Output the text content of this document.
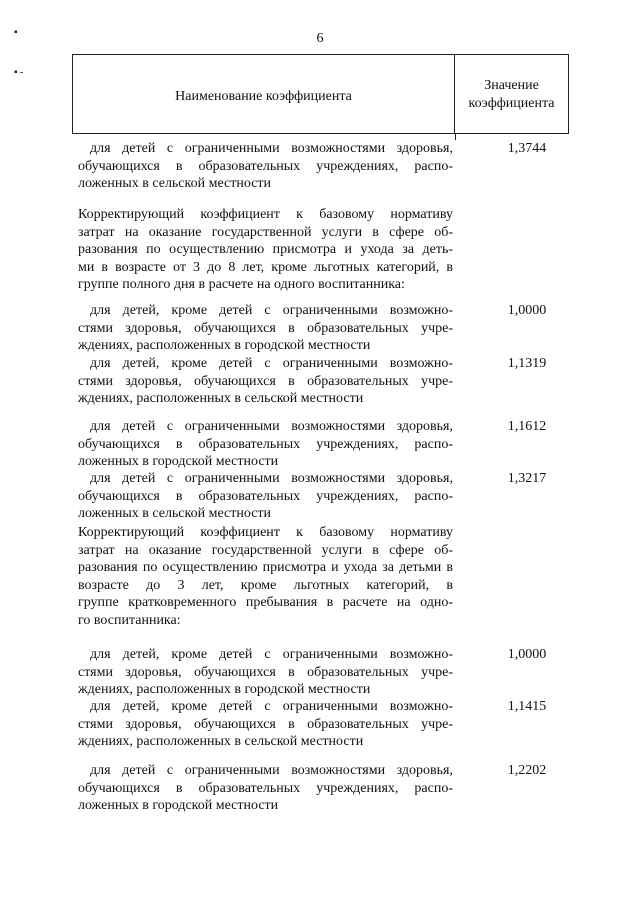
▪
▪ ‑
6
Наименование коэффициента
Значение
коэффициента
для детей с ограниченными возможностями здоровья,
обучающихся в образовательных учреждениях, распо-
ложенных в сельской местности
1,3744
Корректирующий коэффициент к базовому нормативу
затрат на оказание государственной услуги в сфере об-
разования по осуществлению присмотра и ухода за деть-
ми в возрасте от 3 до 8 лет, кроме льготных категорий, в
группе полного дня в расчете на одного воспитанника:
для детей, кроме детей с ограниченными возможно-
стями здоровья, обучающихся в образовательных учре-
ждениях, расположенных в городской местности
1,0000
для детей, кроме детей с ограниченными возможно-
стями здоровья, обучающихся в образовательных учре-
ждениях, расположенных в сельской местности
1,1319
для детей с ограниченными возможностями здоровья,
обучающихся в образовательных учреждениях, распо-
ложенных в городской местности
1,1612
для детей с ограниченными возможностями здоровья,
обучающихся в образовательных учреждениях, распо-
ложенных в сельской местности
1,3217
Корректирующий коэффициент к базовому нормативу
затрат на оказание государственной услуги в сфере об-
разования по осуществлению присмотра и ухода за детьми в возрасте до 3 лет, кроме льготных категорий, в
группе кратковременного пребывания в расчете на одно-
го воспитанника:
для детей, кроме детей с ограниченными возможно-
стями здоровья, обучающихся в образовательных учре-
ждениях, расположенных в городской местности
1,0000
для детей, кроме детей с ограниченными возможно-
стями здоровья, обучающихся в образовательных учре-
ждениях, расположенных в сельской местности
1,1415
для детей с ограниченными возможностями здоровья,
обучающихся в образовательных учреждениях, распо-
ложенных в городской местности
1,2202
